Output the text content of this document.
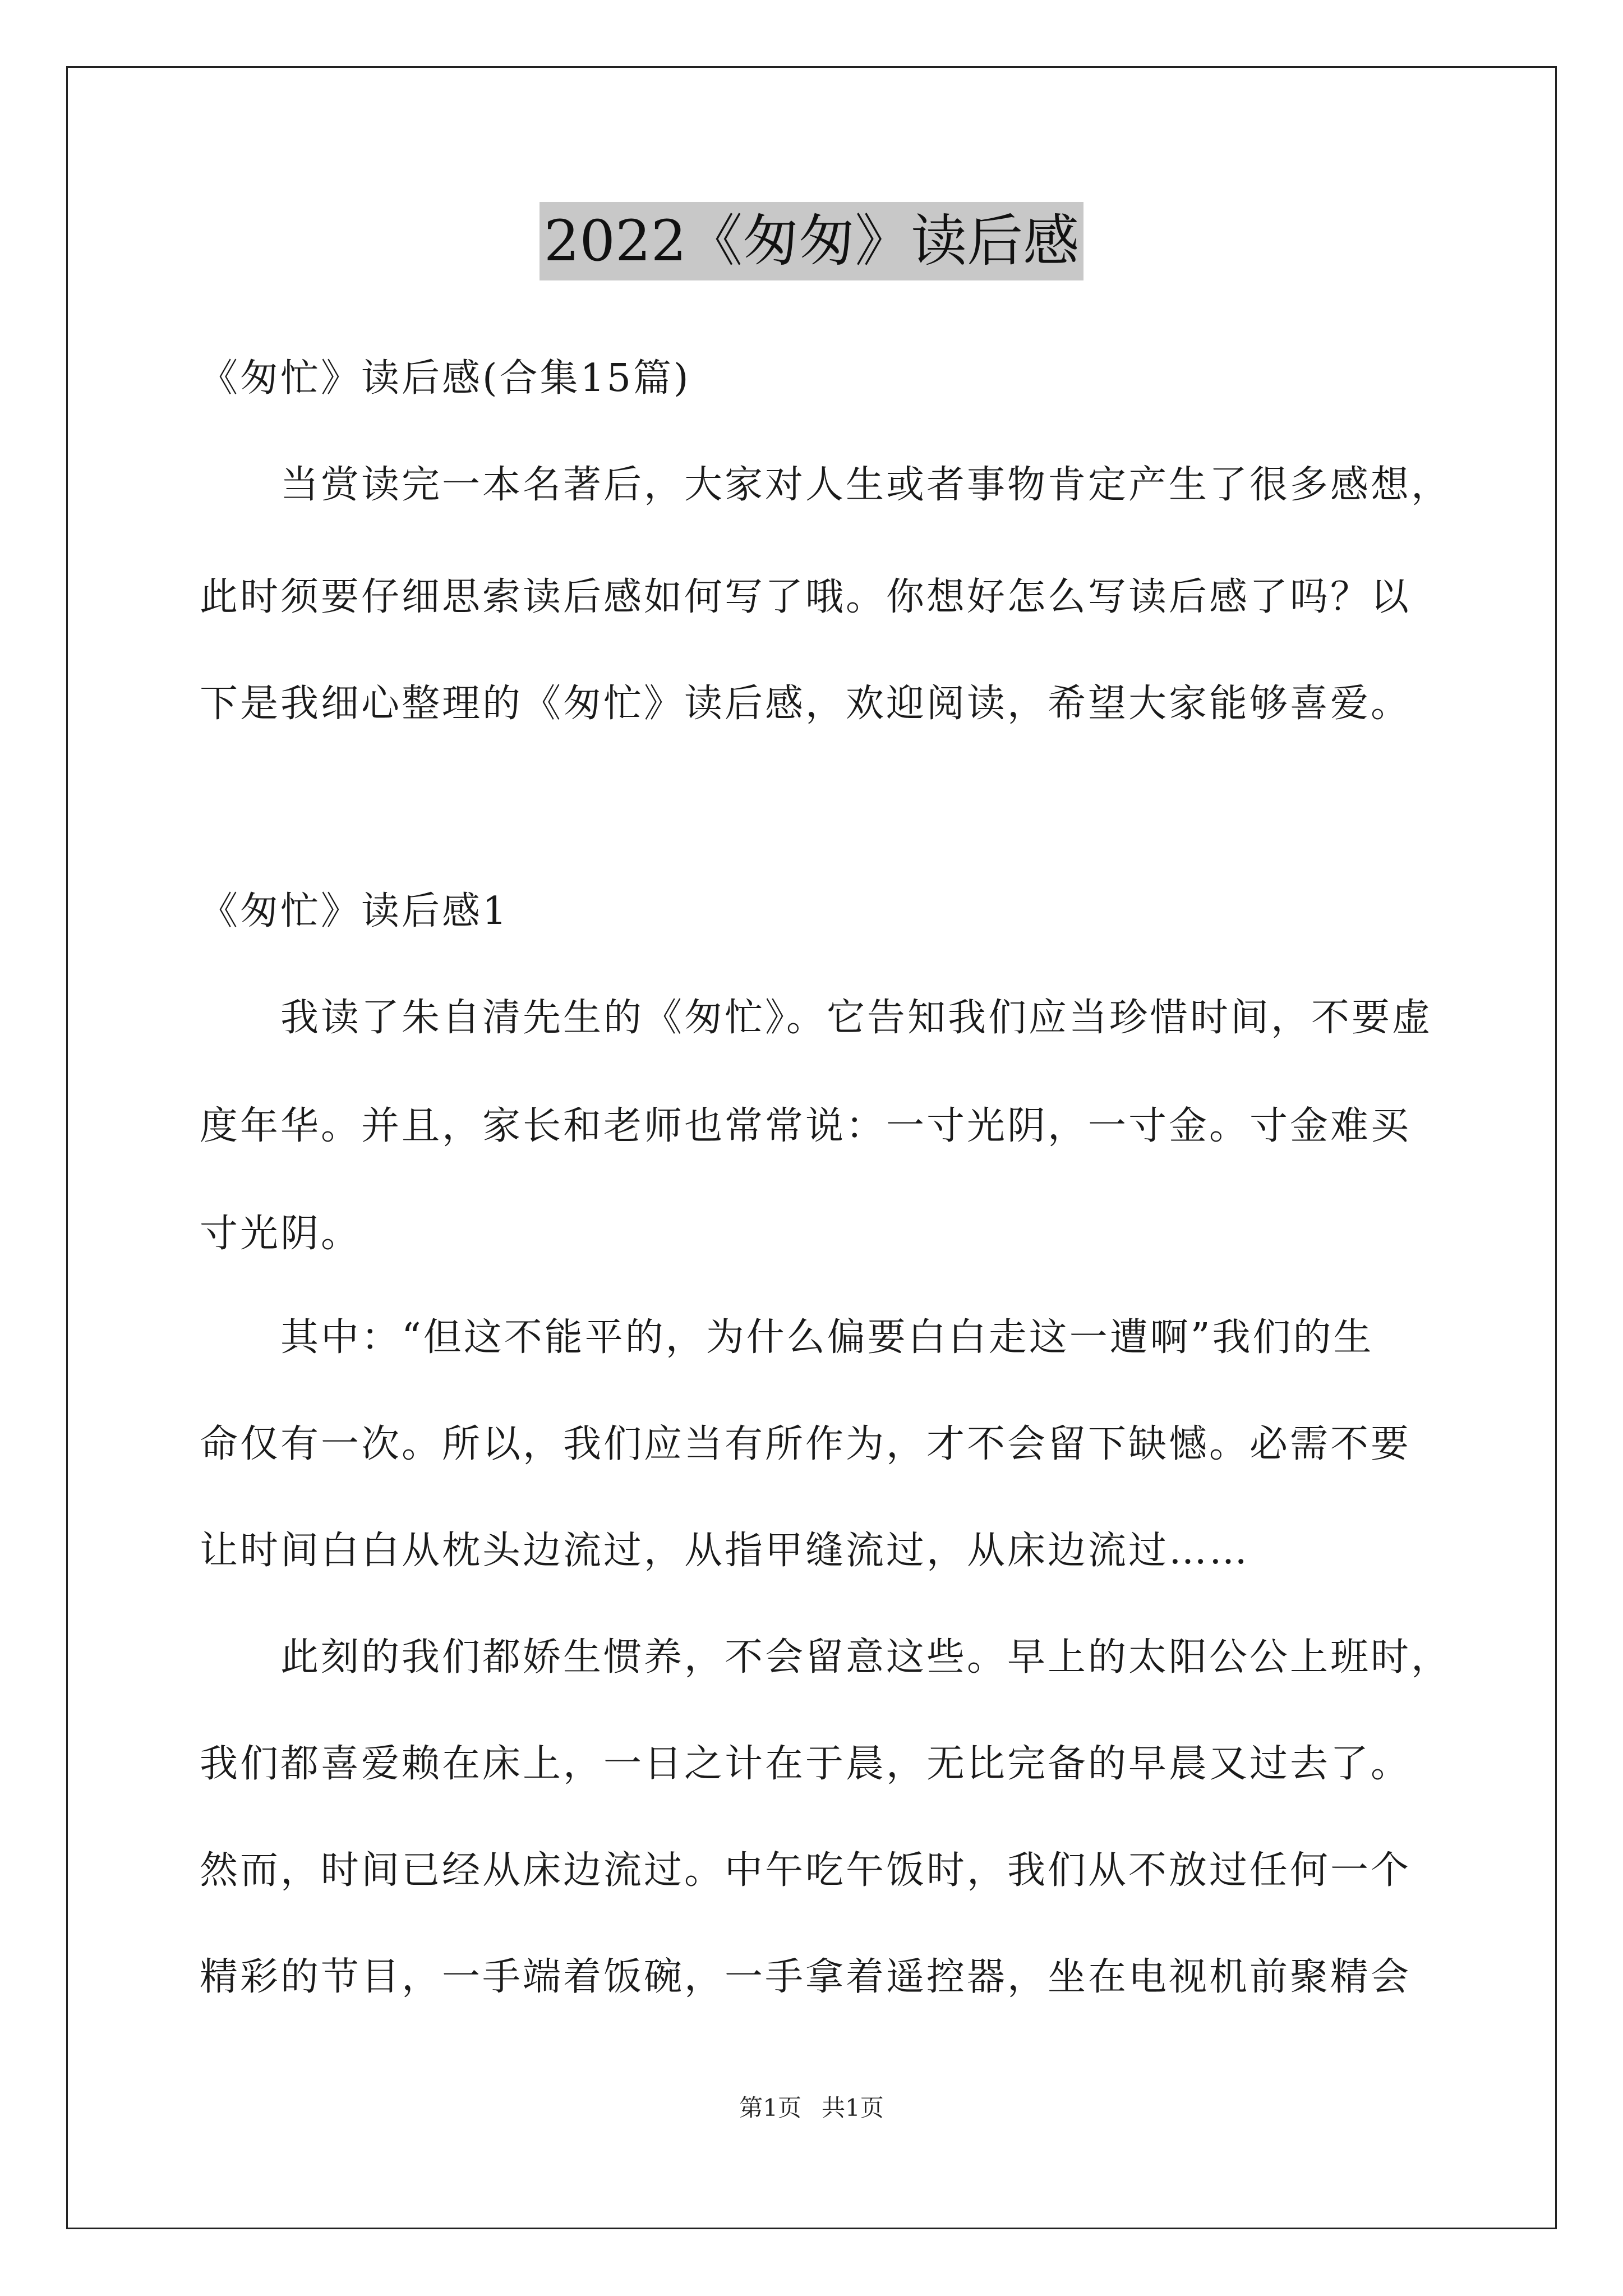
2022《匆匆》读后感
《匆忙》读后感(合集15篇)
当赏读完一本名著后，大家对人生或者事物肯定产生了很多感想，
此时须要仔细思索读后感如何写了哦。你想好怎么写读后感了吗？以
下是我细心整理的《匆忙》读后感，欢迎阅读，希望大家能够喜爱。
《匆忙》读后感1
我读了朱自清先生的《匆忙》。它告知我们应当珍惜时间，不要虚
度年华。并且，家长和老师也常常说：一寸光阴，一寸金。寸金难买
寸光阴。
其中：“但这不能平的，为什么偏要白白走这一遭啊”我们的生
命仅有一次。所以，我们应当有所作为，才不会留下缺憾。必需不要
让时间白白从枕头边流过，从指甲缝流过，从床边流过……
此刻的我们都娇生惯养，不会留意这些。早上的太阳公公上班时，
我们都喜爱赖在床上，一日之计在于晨，无比完备的早晨又过去了。
然而，时间已经从床边流过。中午吃午饭时，我们从不放过任何一个
精彩的节目，一手端着饭碗，一手拿着遥控器，坐在电视机前聚精会
第1页 共1页
